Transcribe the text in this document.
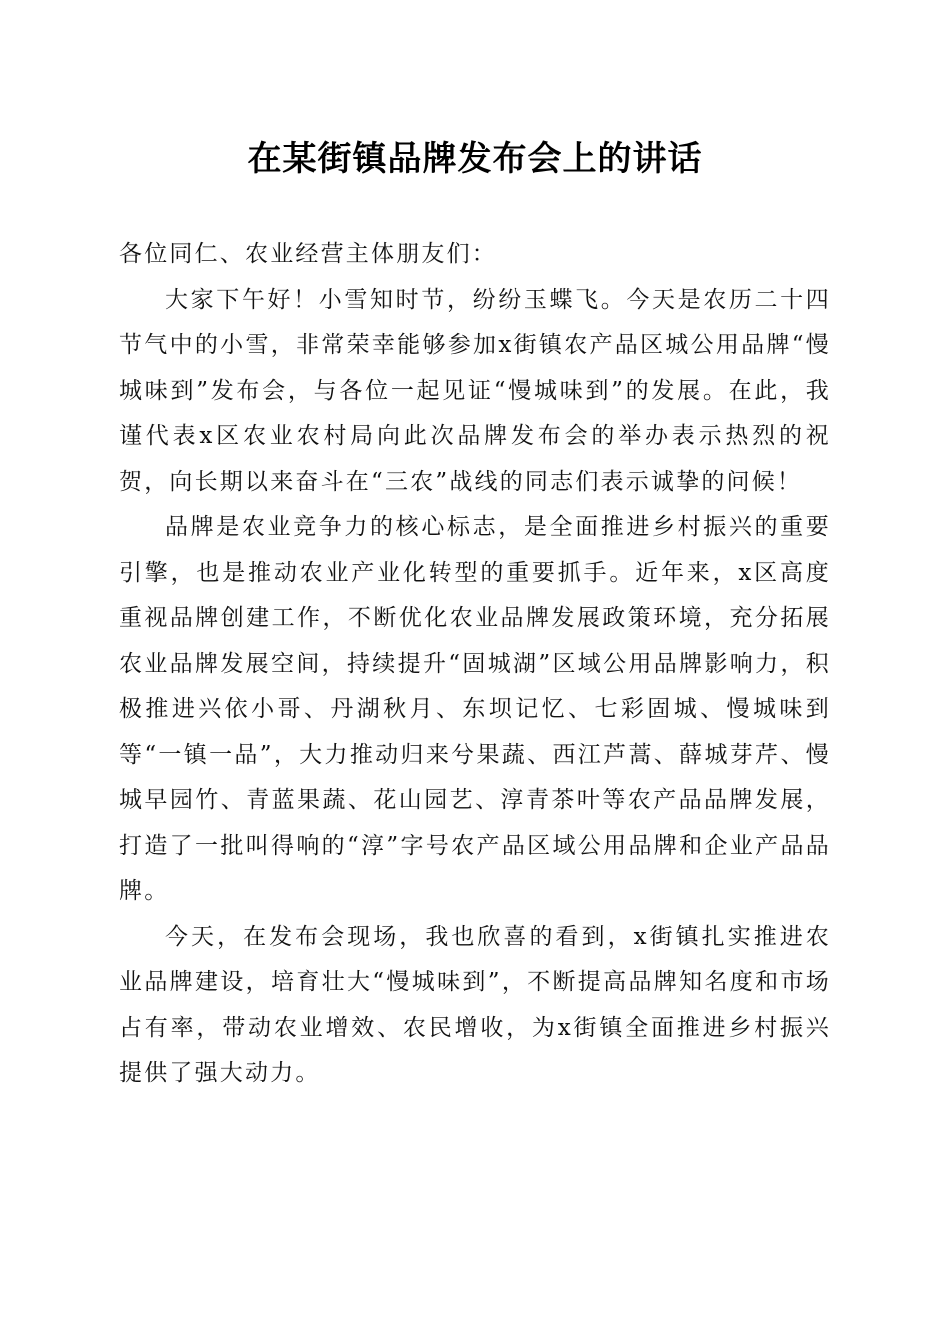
在某街镇品牌发布会上的讲话

各位同仁、农业经营主体朋友们：

大家下午好！小雪知时节，纷纷玉蝶飞。今天是农历二十四节气中的小雪，非常荣幸能够参加x街镇农产品区城公用品牌“慢城味到”发布会，与各位一起见证“慢城味到”的发展。在此，我谨代表x区农业农村局向此次品牌发布会的举办表示热烈的祝贺，向长期以来奋斗在“三农”战线的同志们表示诚挚的问候！

品牌是农业竞争力的核心标志，是全面推进乡村振兴的重要引擎，也是推动农业产业化转型的重要抓手。近年来，x区高度重视品牌创建工作，不断优化农业品牌发展政策环境，充分拓展农业品牌发展空间，持续提升“固城湖”区域公用品牌影响力，积极推进兴依小哥、丹湖秋月、东坝记忆、七彩固城、慢城味到等“一镇一品”，大力推动归来兮果蔬、西江芦蒿、薛城芽芹、慢城早园竹、青蓝果蔬、花山园艺、淳青茶叶等农产品品牌发展，打造了一批叫得响的“淳”字号农产品区域公用品牌和企业产品品牌。

今天，在发布会现场，我也欣喜的看到，x街镇扎实推进农业品牌建设，培育壮大“慢城味到”，不断提高品牌知名度和市场占有率，带动农业增效、农民增收，为x街镇全面推进乡村振兴提供了强大动力。
